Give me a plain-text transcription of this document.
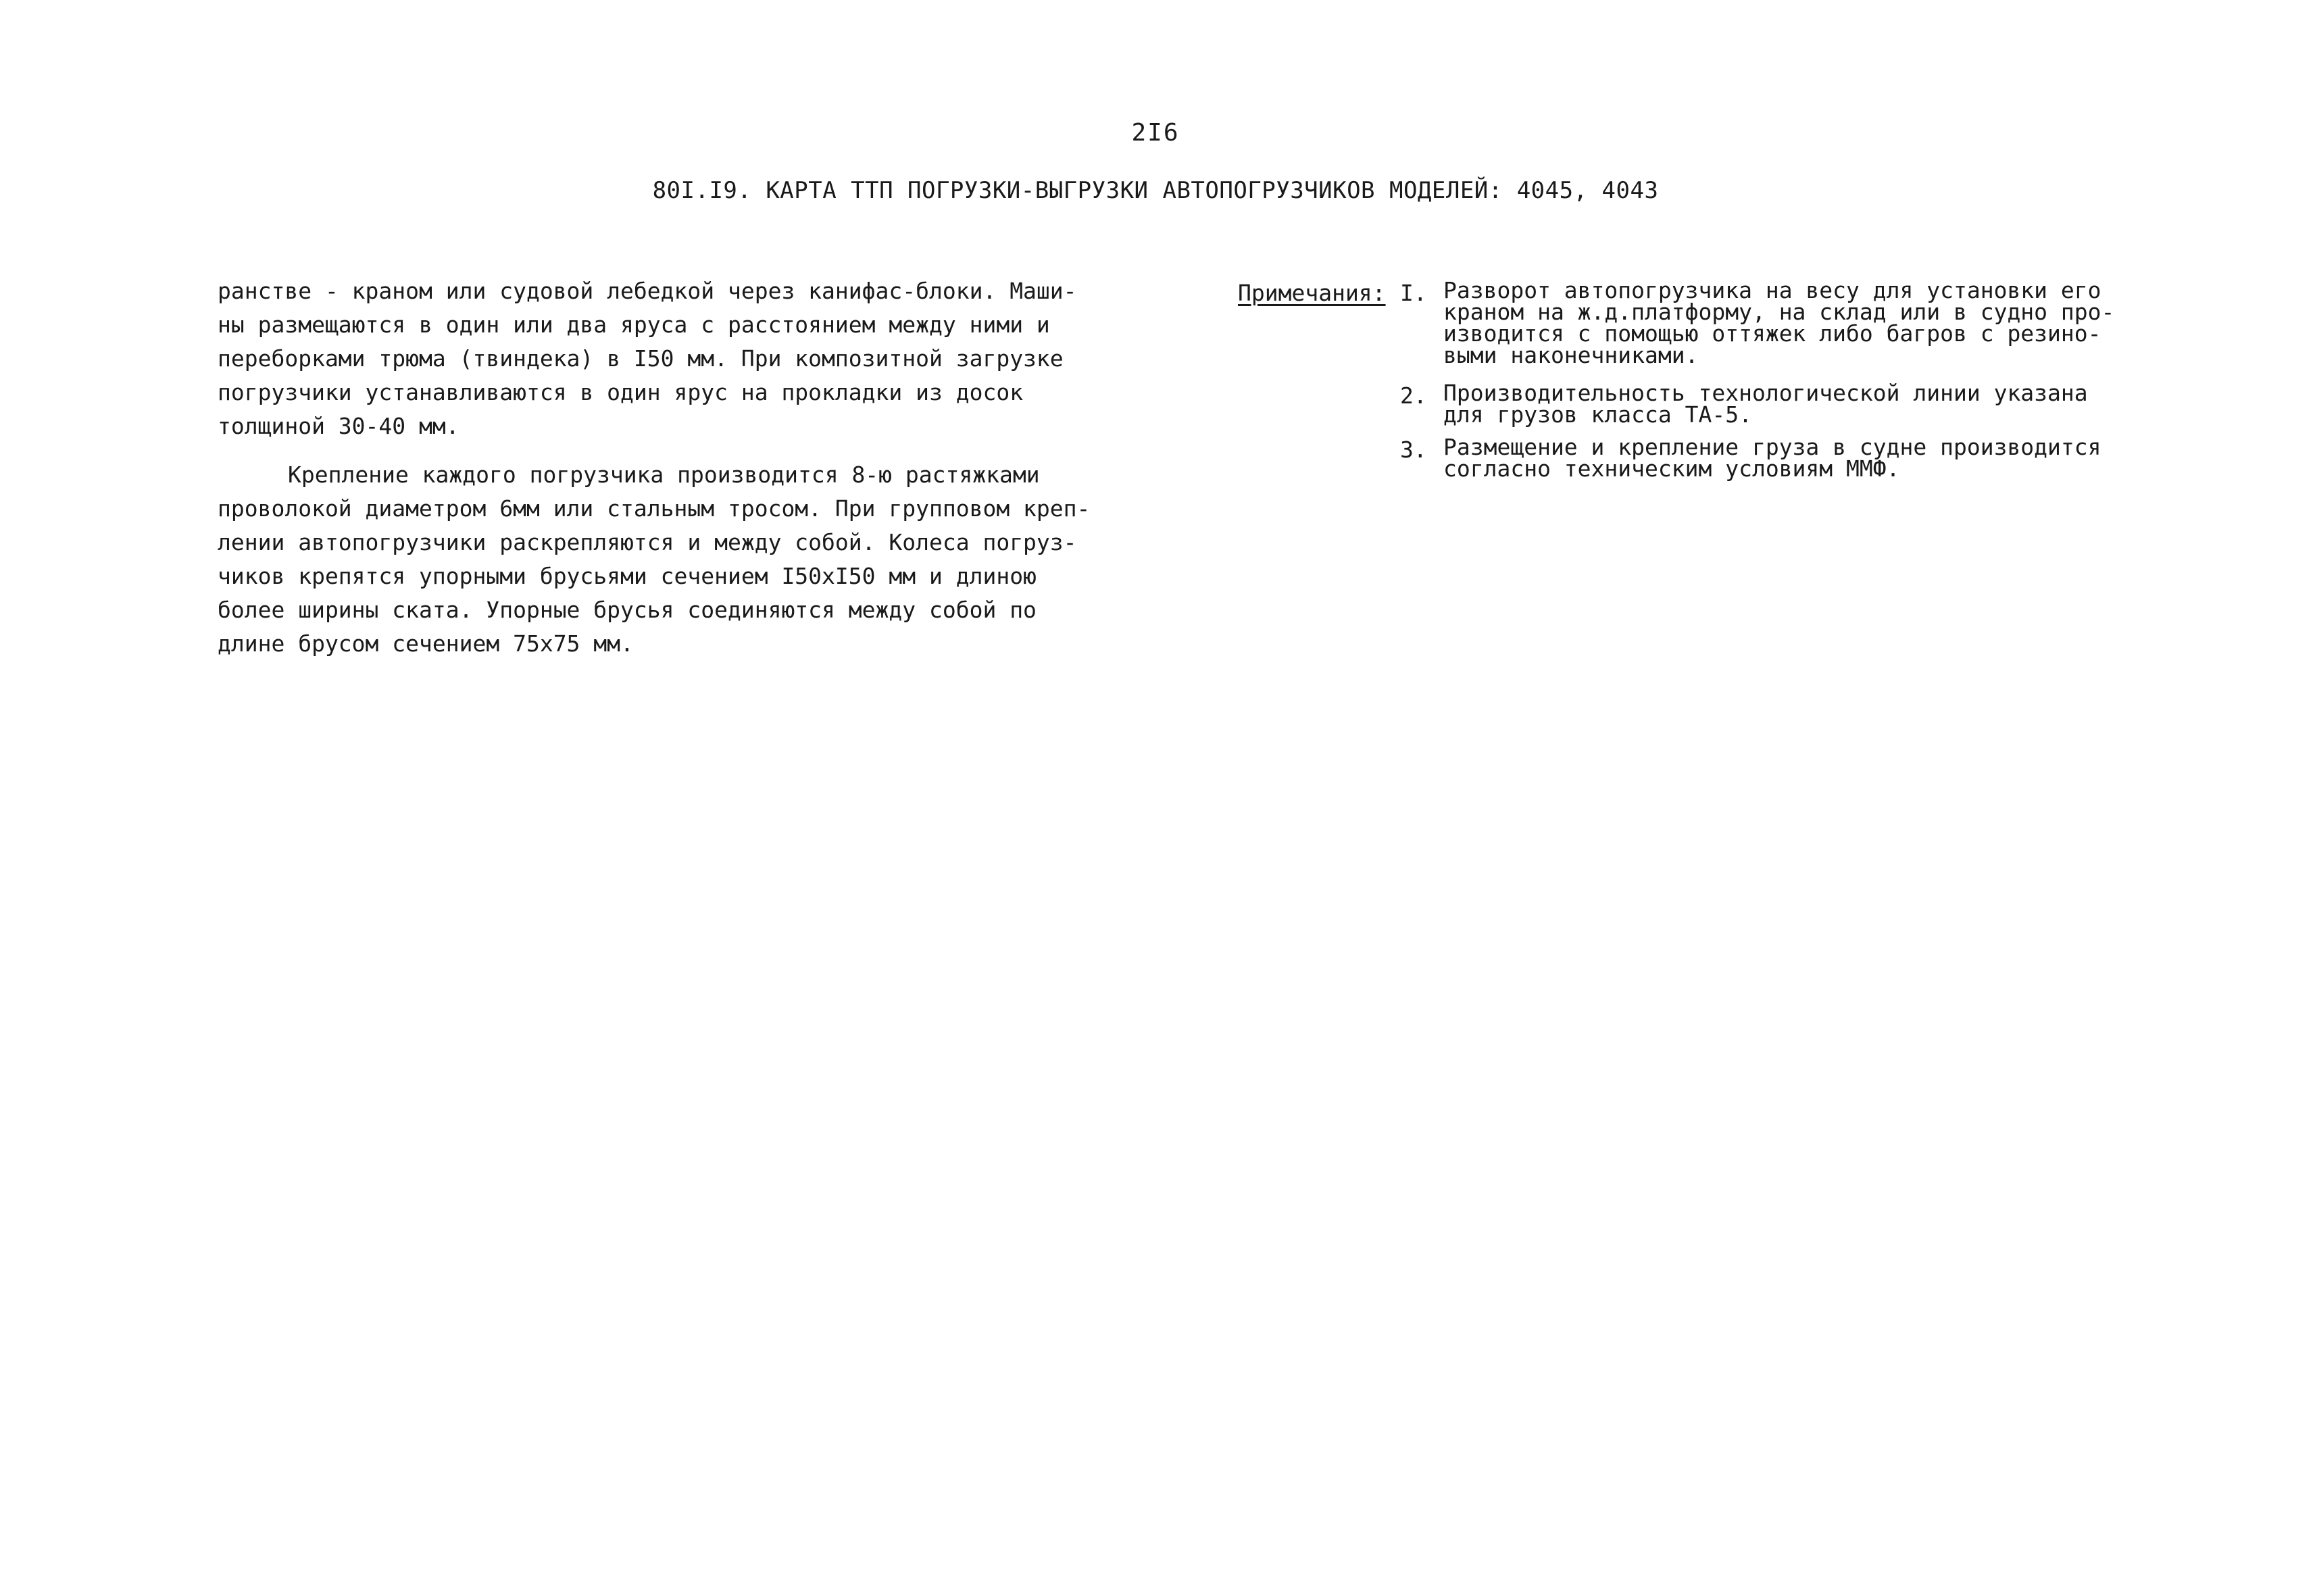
2I6
80I.I9. КАРТА ТТП ПОГРУЗКИ-ВЫГРУЗКИ АВТОПОГРУЗЧИКОВ МОДЕЛЕЙ: 4045, 4043
ранстве - краном или судовой лебедкой через канифас-блоки. Маши-
ны размещаются в один или два яруса с расстоянием между ними и
переборками трюма (твиндека) в I50 мм. При композитной загрузке
погрузчики устанавливаются в один ярус на прокладки из досок
толщиной 30-40 мм.
Крепление каждого погрузчика производится 8-ю растяжками
проволокой диаметром 6мм или стальным тросом. При групповом креп-
лении автопогрузчики раскрепляются и между собой. Колеса погруз-
чиков крепятся упорными брусьями сечением I50xI50 мм и длиною
более ширины ската. Упорные брусья соединяются между собой по
длине брусом сечением 75х75 мм.
Примечания: I. Разворот автопогрузчика на весу для установки его
краном на ж.д.платформу, на склад или в судно про-
изводится с помощью оттяжек либо багров с резино-
выми наконечниками.
2. Производительность технологической линии указана
для грузов класса ТА-5.
3. Размещение и крепление груза в судне производится
согласно техническим условиям ММФ.
